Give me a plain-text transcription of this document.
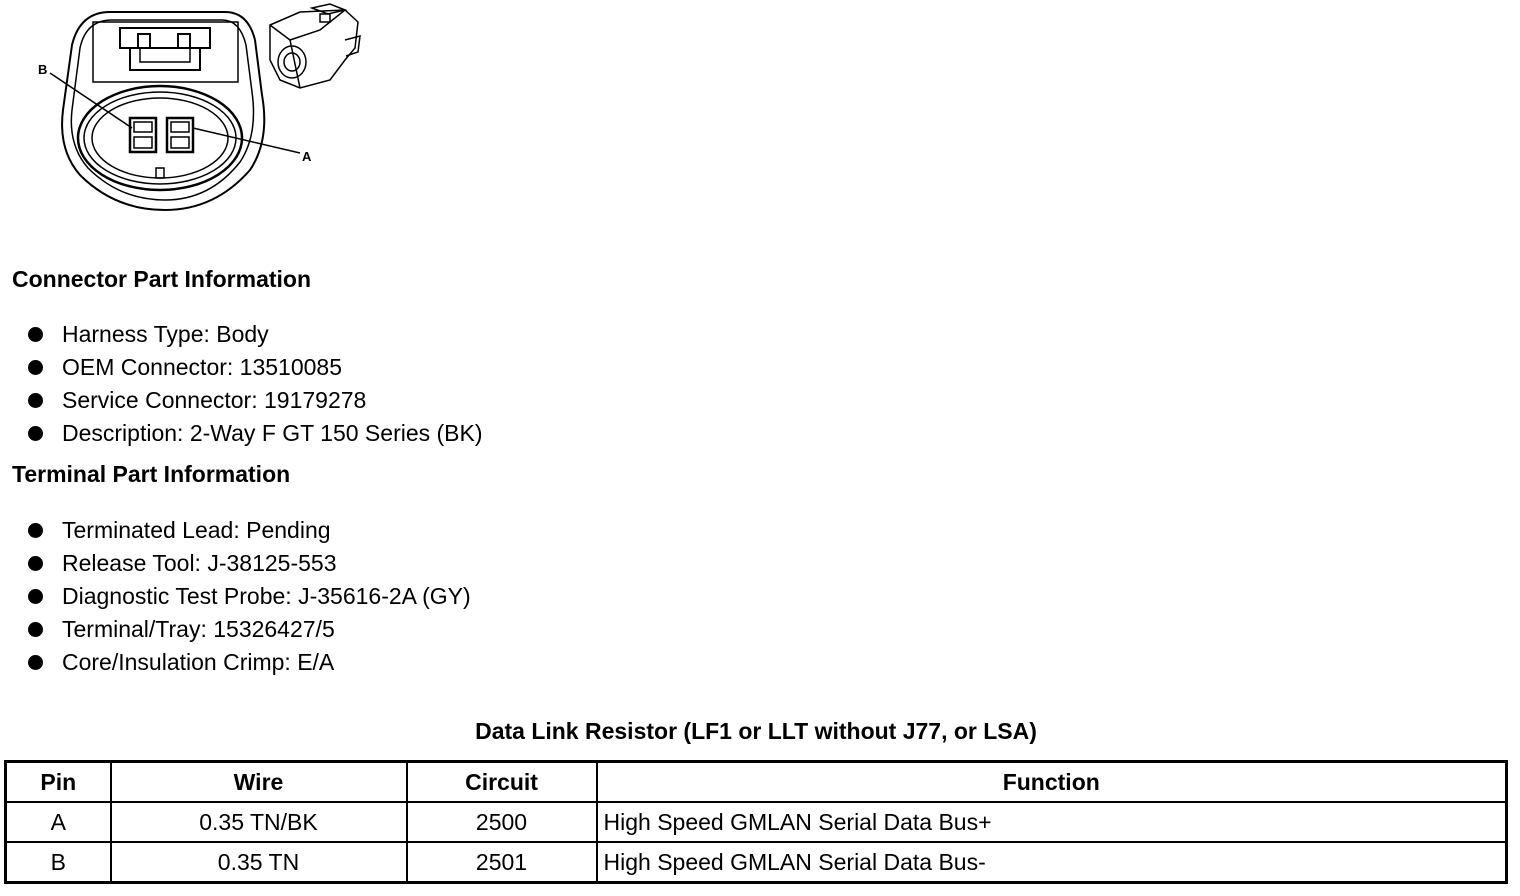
B
A
Connector Part Information
Harness Type: Body
OEM Connector: 13510085
Service Connector: 19179278
Description: 2-Way F GT 150 Series (BK)
Terminal Part Information
Terminated Lead: Pending
Release Tool: J-38125-553
Diagnostic Test Probe: J-35616-2A (GY)
Terminal/Tray: 15326427/5
Core/Insulation Crimp: E/A
Data Link Resistor (LF1 or LLT without J77, or LSA)
Pin	Wire	Circuit	Function
A	0.35 TN/BK	2500	High Speed GMLAN Serial Data Bus+
B	0.35 TN	2501	High Speed GMLAN Serial Data Bus-
